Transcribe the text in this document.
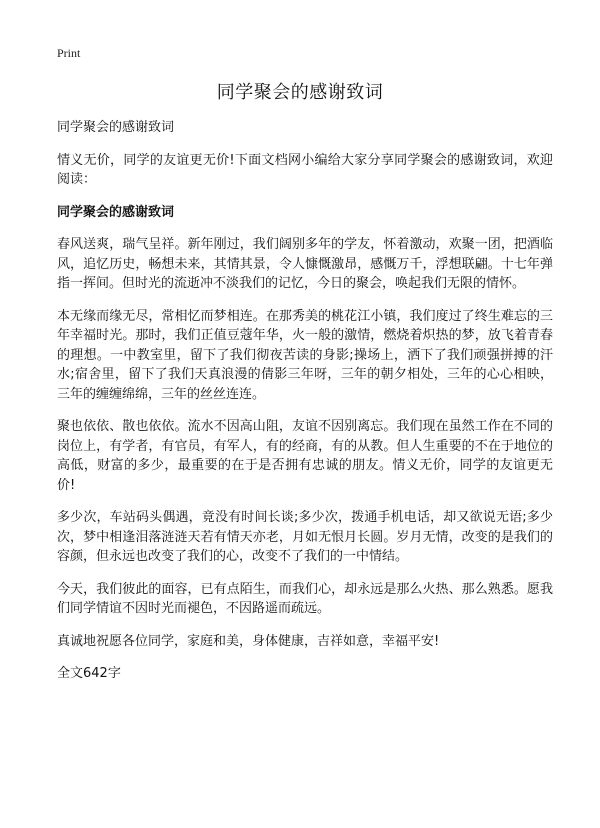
Print
同学聚会的感谢致词

同学聚会的感谢致词

情义无价，同学的友谊更无价!下面文档网小编给大家分享同学聚会的感谢致词，欢迎阅读：

同学聚会的感谢致词

春风送爽，瑞气呈祥。新年刚过，我们阔别多年的学友，怀着激动，欢聚一团，把酒临风，追忆历史，畅想未来，其情其景，令人慷慨激昂，感慨万千，浮想联翩。十七年弹指一挥间。但时光的流逝冲不淡我们的记忆，今日的聚会，唤起我们无限的情怀。

本无缘而缘无尽，常相忆而梦相连。在那秀美的桃花江小镇，我们度过了终生难忘的三年幸福时光。那时，我们正值豆蔻年华，火一般的激情，燃烧着炽热的梦，放飞着青春的理想。一中教室里，留下了我们彻夜苦读的身影;操场上，洒下了我们顽强拼搏的汗水;宿舍里，留下了我们天真浪漫的倩影三年呀，三年的朝夕相处，三年的心心相映，三年的缠缠绵绵，三年的丝丝连连。

聚也依依、散也依依。流水不因高山阻，友谊不因别离忘。我们现在虽然工作在不同的岗位上，有学者，有官员，有军人，有的经商，有的从教。但人生重要的不在于地位的高低，财富的多少，最重要的在于是否拥有忠诚的朋友。情义无价，同学的友谊更无价!

多少次，车站码头偶遇，竟没有时间长谈;多少次，拨通手机电话，却又欲说无语;多少次，梦中相逢泪落涟涟天若有情天亦老，月如无恨月长圆。岁月无情，改变的是我们的容颜，但永远也改变了我们的心，改变不了我们的一中情结。

今天，我们彼此的面容，已有点陌生，而我们心，却永远是那么火热、那么熟悉。愿我们同学情谊不因时光而褪色，不因路遥而疏远。

真诚地祝愿各位同学，家庭和美，身体健康，吉祥如意，幸福平安!

全文642字
